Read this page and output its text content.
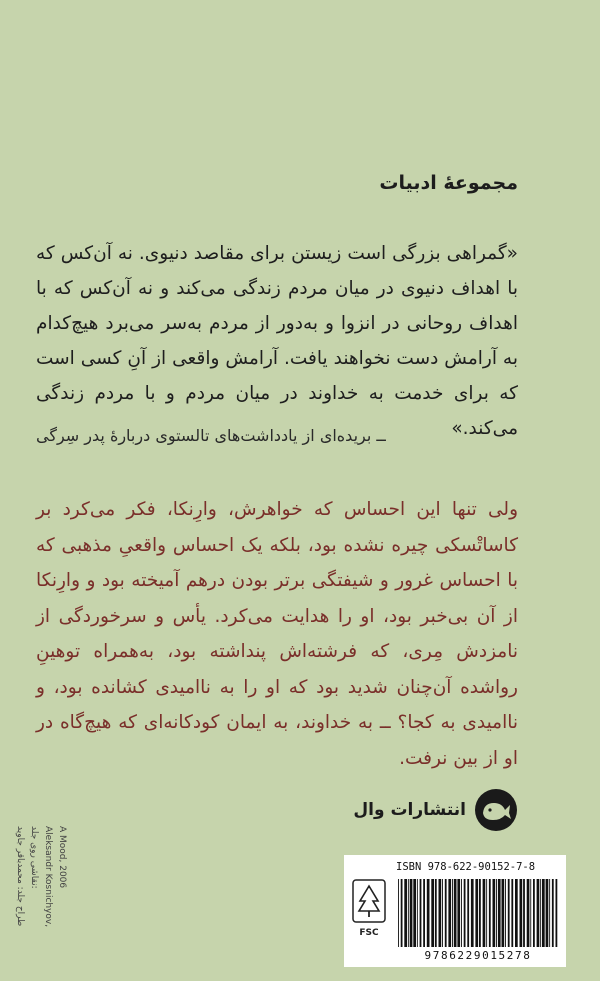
مجموعۀ ادبیات

«گمراهی بزرگی است زیستن برای مقاصد دنیوی. نه آن‌کس که با اهداف دنیوی در میان مردم زندگی می‌کند و نه آن‌کس که با اهداف روحانی در انزوا و به‌دور از مردم به‌سر می‌برد هیچ‌کدام به آرامش دست نخواهند یافت. آرامش واقعی از آنِ کسی است که برای خدمت به خداوند در میان مردم و با مردم زندگی می‌کند.»

ــ بریده‌ای از یادداشت‌های تالستوی دربارۀ پدر سِرگی

ولی تنها این احساس که خواهرش، وارِنکا، فکر می‌کرد بر کاساتْسکی چیره نشده بود، بلکه یک احساس واقعیِ مذهبی که با احساس غرور و شیفتگی برتر بودن درهم آمیخته بود و وارِنکا از آن بی‌خبر بود، او را هدایت می‌کرد. یأس و سرخوردگی از نامزدش مِری، که فرشته‌اش پنداشته بود، به‌همراه توهینِ رواشده آن‌چنان شدید بود که او را به ناامیدی کشانده بود، و ناامیدی به کجا؟ ــ به خداوند، به ایمان کودکانه‌ای که هیچ‌گاه در او از بین نرفت.

انتشارات وال
طراح جلد: محمدباقر جاوید نقاشی روی جلد: Aleksandr Kosnichyov, A Mood, 2006	ISBN 978-622-90152-7-8
FSC
9786229015278
